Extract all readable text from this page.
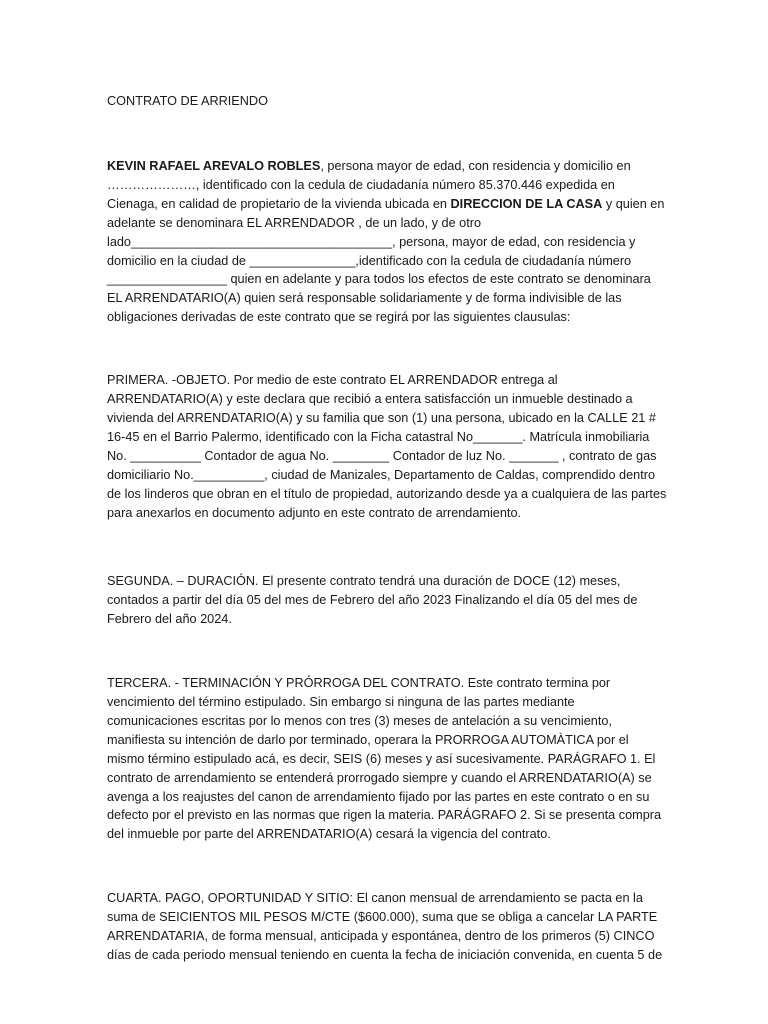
CONTRATO DE ARRIENDO

KEVIN RAFAEL AREVALO ROBLES, persona mayor de edad, con residencia y domicilio en …………………, identificado con la cedula de ciudadanía número 85.370.446 expedida en Cienaga, en calidad de propietario de la vivienda ubicada en DIRECCION DE LA CASA y quien en adelante se denominara EL ARRENDADOR , de un lado, y de otro lado_____________________________________, persona, mayor de edad, con residencia y domicilio en la ciudad de _______________,identificado con la cedula de ciudadanía número _________________ quien en adelante y para todos los efectos de este contrato se denominara EL ARRENDATARIO(A) quien será responsable solidariamente y de forma indivisible de las obligaciones derivadas de este contrato que se regirá por las siguientes clausulas:

PRIMERA. -OBJETO. Por medio de este contrato EL ARRENDADOR entrega al ARRENDATARIO(A) y este declara que recibió a entera satisfacción un inmueble destinado a vivienda del ARRENDATARIO(A) y su familia que son (1) una persona, ubicado en la CALLE 21 # 16-45 en el Barrio Palermo, identificado con la Ficha catastral No_______. Matrícula inmobiliaria No. __________ Contador de agua No. ________ Contador de luz No. _______ , contrato de gas domiciliario No.__________, ciudad de Manizales, Departamento de Caldas, comprendido dentro de los linderos que obran en el título de propiedad, autorizando desde ya a cualquiera de las partes para anexarlos en documento adjunto en este contrato de arrendamiento.

SEGUNDA. – DURACIÓN. El presente contrato tendrá una duración de DOCE (12) meses, contados a partir del día 05 del mes de Febrero del año 2023 Finalizando el día 05 del mes de Febrero del año 2024.

TERCERA. - TERMINACIÓN Y PRÓRROGA DEL CONTRATO. Este contrato termina por vencimiento del término estipulado. Sin embargo si ninguna de las partes mediante comunicaciones escritas por lo menos con tres (3) meses de antelación a su vencimiento, manifiesta su intención de darlo por terminado, operara la PRORROGA AUTOMÀTICA por el mismo término estipulado acá, es decir, SEIS (6) meses y así sucesivamente. PARÁGRAFO 1. El contrato de arrendamiento se entenderá prorrogado siempre y cuando el ARRENDATARIO(A) se avenga a los reajustes del canon de arrendamiento fijado por las partes en este contrato o en su defecto por el previsto en las normas que rigen la materia. PARÁGRAFO 2. Si se presenta compra del inmueble por parte del ARRENDATARIO(A) cesará la vigencia del contrato.

CUARTA. PAGO, OPORTUNIDAD Y SITIO: El canon mensual de arrendamiento se pacta en la suma de SEICIENTOS MIL PESOS M/CTE ($600.000), suma que se obliga a cancelar LA PARTE ARRENDATARIA, de forma mensual, anticipada y espontánea, dentro de los primeros (5) CINCO días de cada periodo mensual teniendo en cuenta la fecha de iniciación convenida, en cuenta 5 de
